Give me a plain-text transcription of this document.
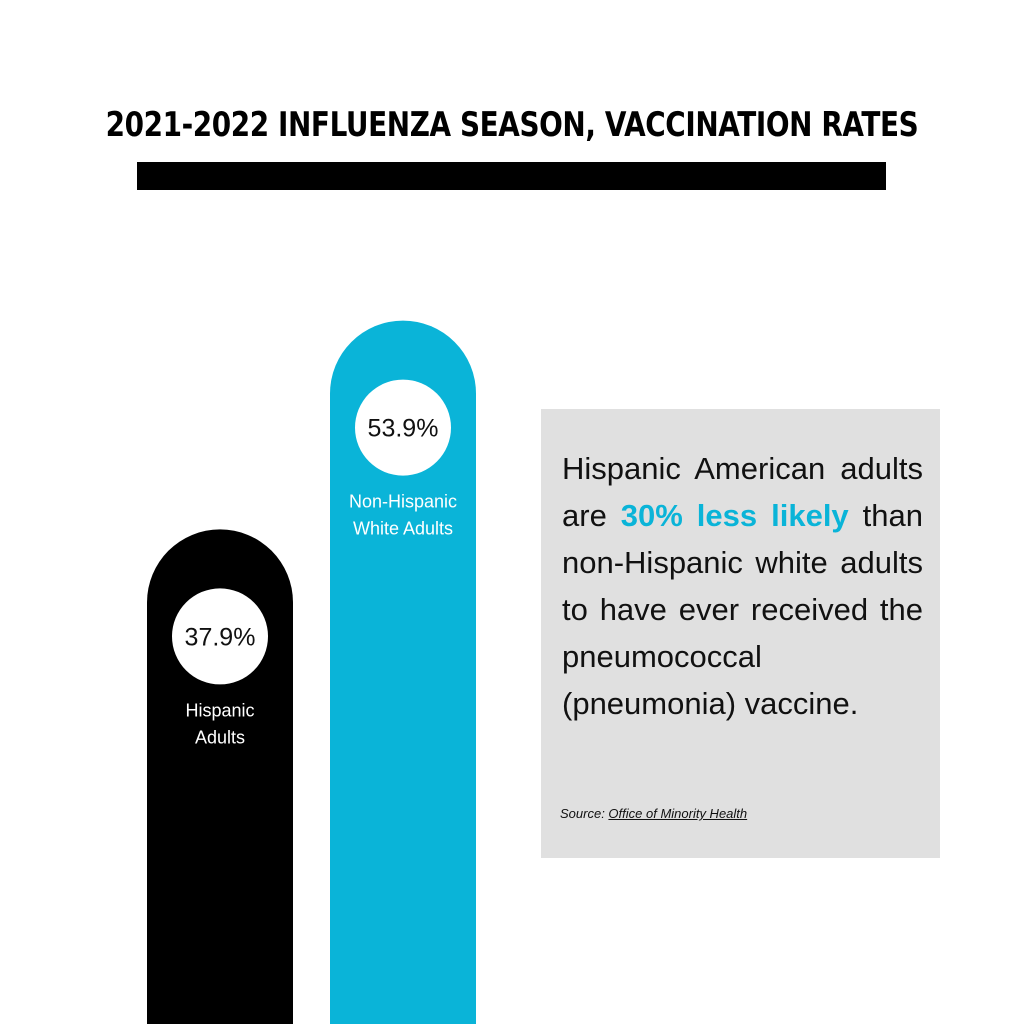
2021-2022 INFLUENZA SEASON, VACCINATION RATES
37.9%
Hispanic
Adults
53.9%
Non-Hispanic
White Adults

Hispanic American adults are 30% less likely than non-Hispanic white adults to have ever received the pneumococcal
(pneumonia) vaccine.

Source: Office of Minority Health
